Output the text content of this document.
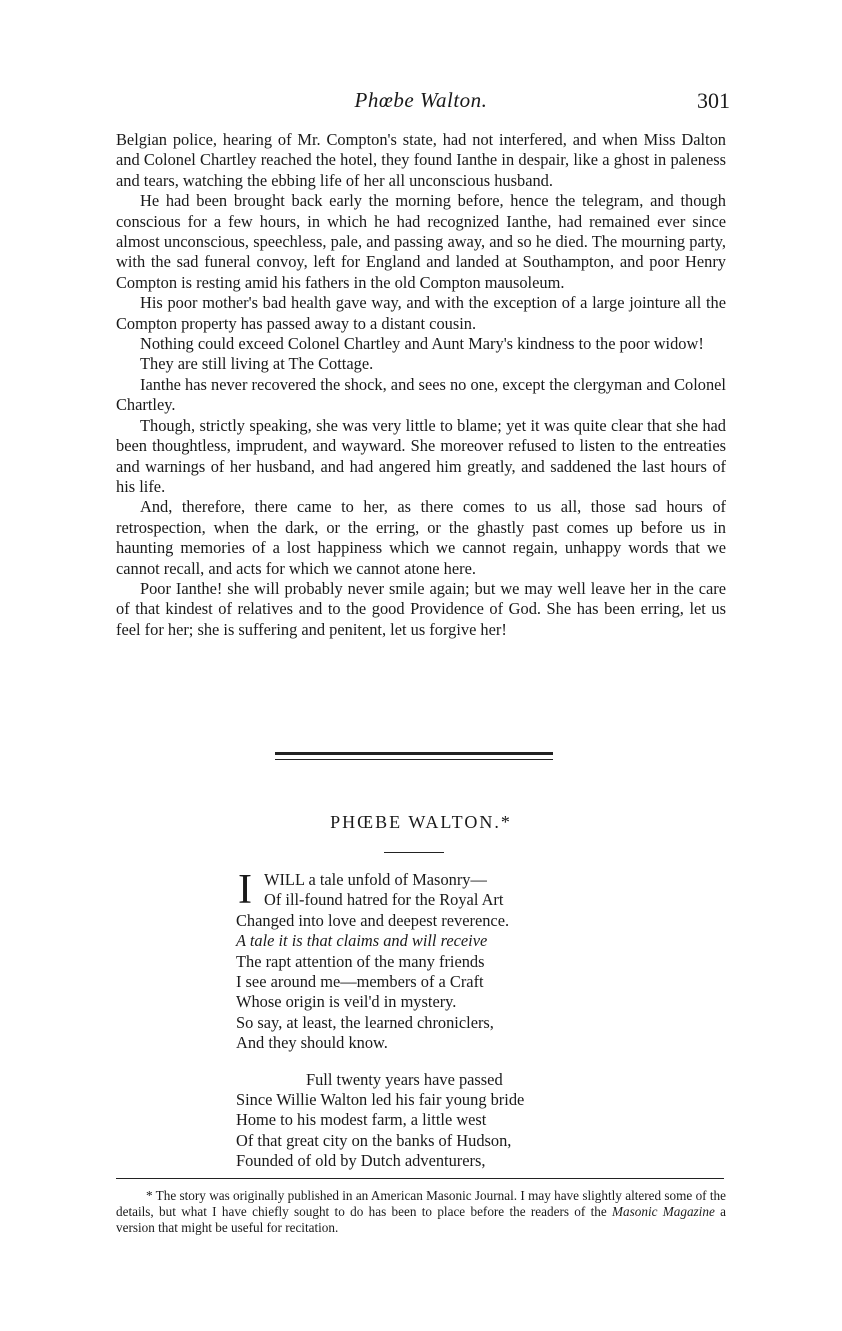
Phœbe Walton.	301

Belgian police, hearing of Mr. Compton's state, had not interfered, and when Miss Dalton and Colonel Chartley reached the hotel, they found Ianthe in despair, like a ghost in paleness and tears, watching the ebbing life of her all unconscious husband.

He had been brought back early the morning before, hence the telegram, and though conscious for a few hours, in which he had recognized Ianthe, had remained ever since almost unconscious, speechless, pale, and passing away, and so he died. The mourning party, with the sad funeral convoy, left for England and landed at Southampton, and poor Henry Compton is resting amid his fathers in the old Compton mausoleum.

His poor mother's bad health gave way, and with the exception of a large jointure all the Compton property has passed away to a distant cousin.

Nothing could exceed Colonel Chartley and Aunt Mary's kindness to the poor widow!

They are still living at The Cottage.

Ianthe has never recovered the shock, and sees no one, except the clergyman and Colonel Chartley.

Though, strictly speaking, she was very little to blame; yet it was quite clear that she had been thoughtless, imprudent, and wayward. She moreover refused to listen to the entreaties and warnings of her husband, and had angered him greatly, and saddened the last hours of his life.

And, therefore, there came to her, as there comes to us all, those sad hours of retrospection, when the dark, or the erring, or the ghastly past comes up before us in haunting memories of a lost happiness which we cannot regain, unhappy words that we cannot recall, and acts for which we cannot atone here.

Poor Ianthe! she will probably never smile again; but we may well leave her in the care of that kindest of relatives and to the good Providence of God. She has been erring, let us feel for her; she is suffering and penitent, let us forgive her!

PHŒBE WALTON.*
I WILL a tale unfold of Masonry—
Of ill-found hatred for the Royal Art
Changed into love and deepest reverence.
A tale it is that claims and will receive
The rapt attention of the many friends
I see around me—members of a Craft
Whose origin is veil'd in mystery.
So say, at least, the learned chroniclers,
And they should know.
Full twenty years have passed
Since Willie Walton led his fair young bride
Home to his modest farm, a little west
Of that great city on the banks of Hudson,
Founded of old by Dutch adventurers,
* The story was originally published in an American Masonic Journal. I may have slightly altered some of the details, but what I have chiefly sought to do has been to place before the readers of the Masonic Magazine a version that might be useful for recitation.
